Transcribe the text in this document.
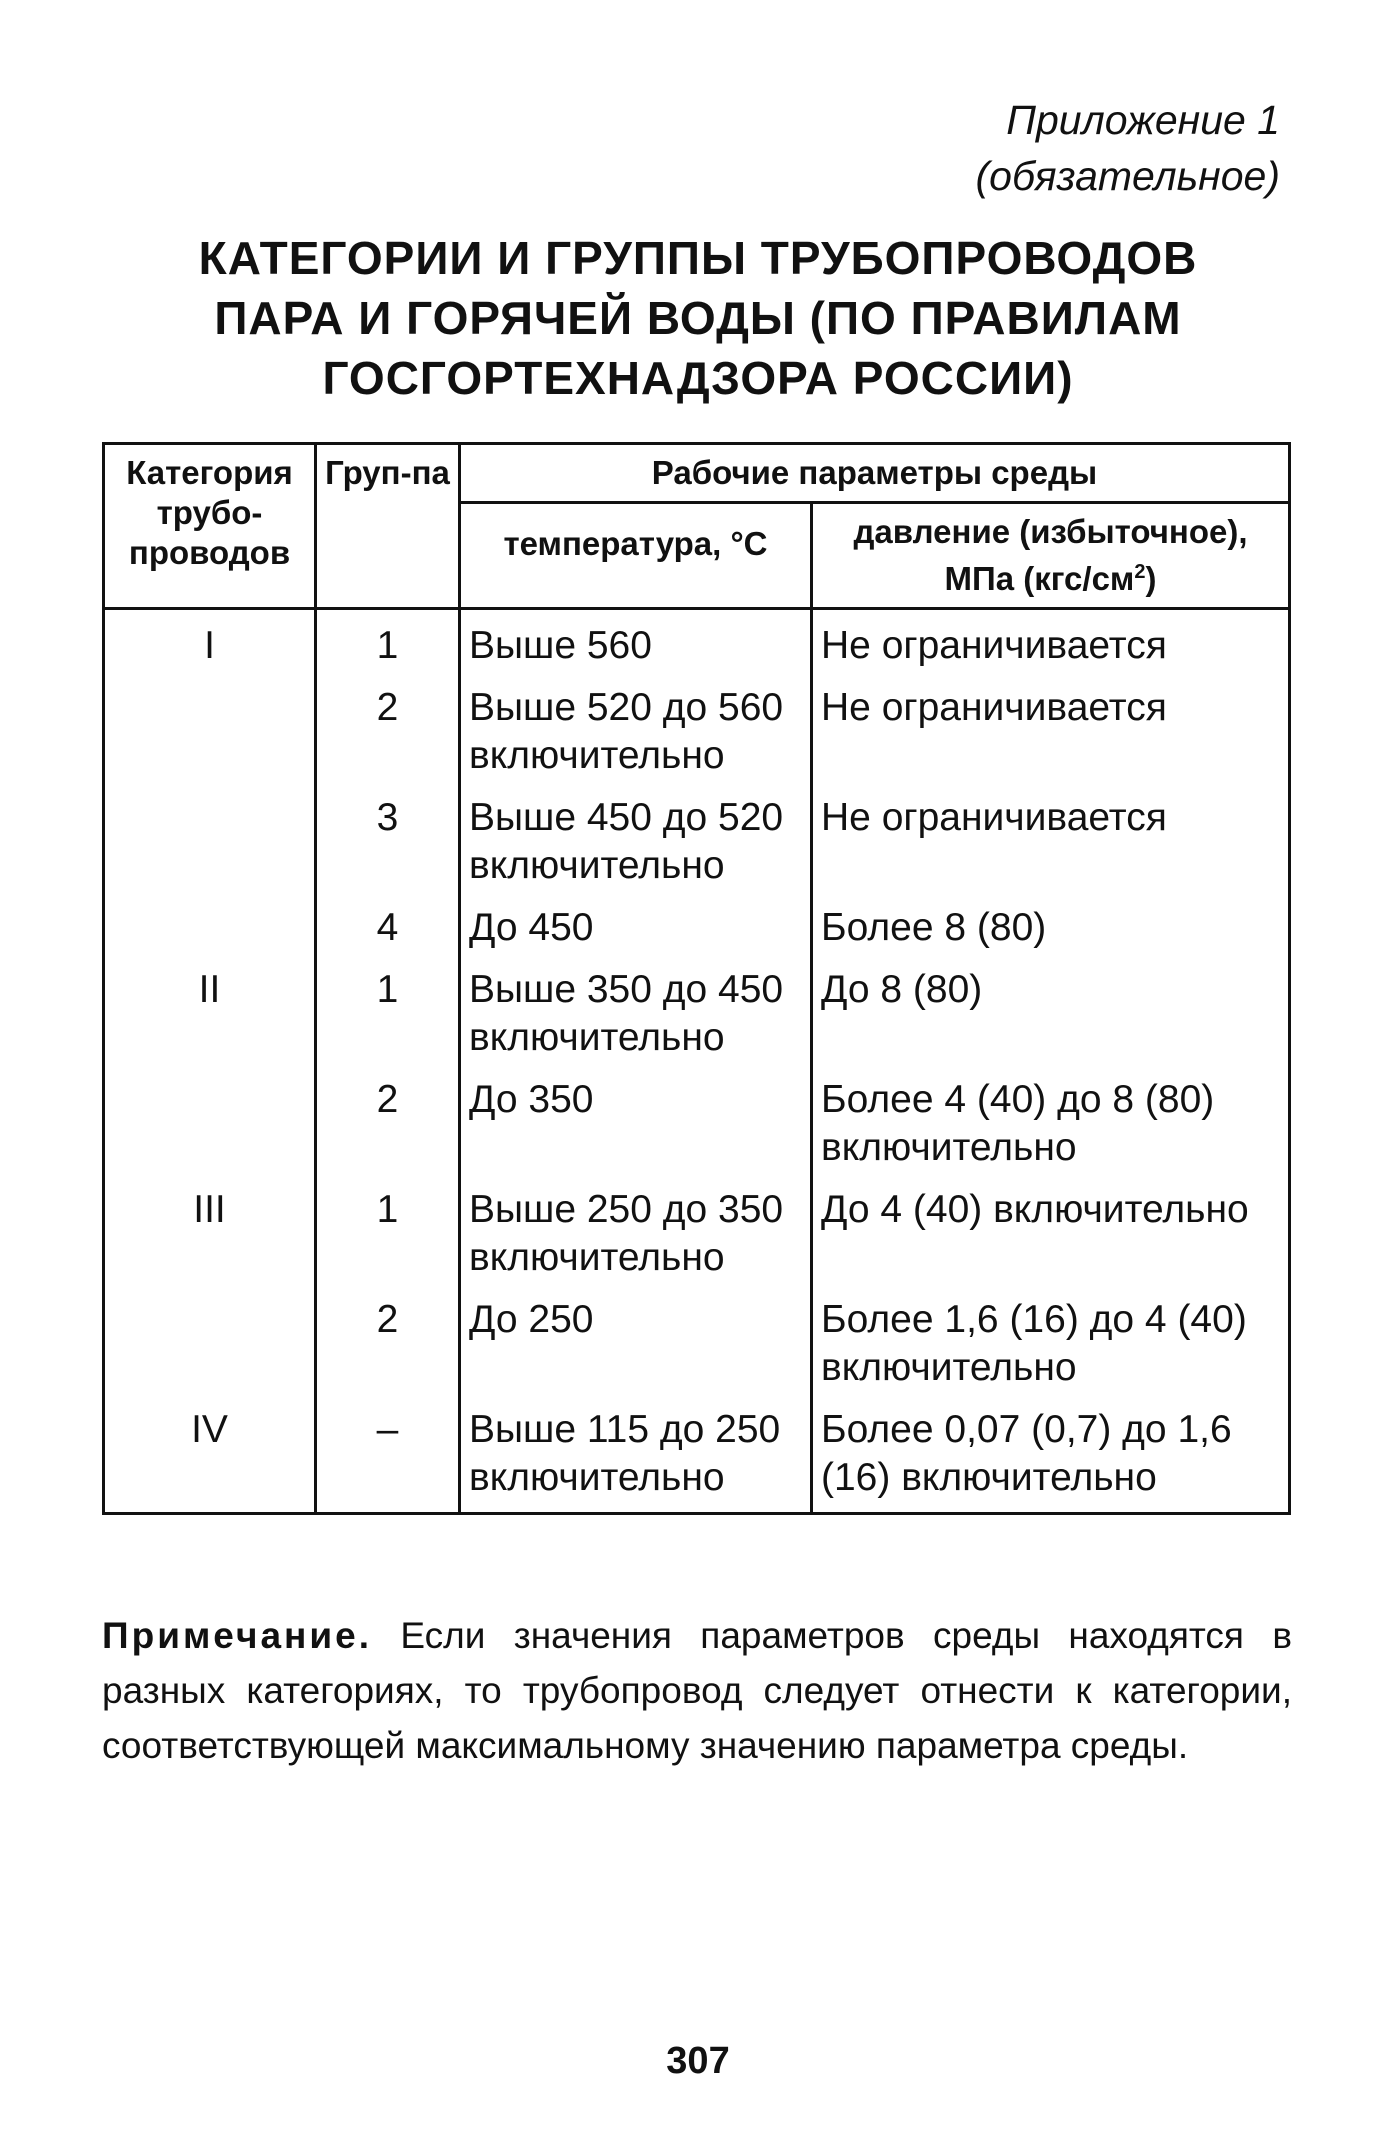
Приложение 1
(обязательное)
КАТЕГОРИИ И ГРУППЫ ТРУБОПРОВОДОВ
ПАРА И ГОРЯЧЕЙ ВОДЫ (ПО ПРАВИЛАМ
ГОСГОРТЕХНАДЗОРА РОССИИ)
Категория трубо-проводов	Груп-па	Рабочие параметры среды	
		температура, °С	давление (избыточное), МПа $(кгс/см^2)$
I	1	Выше 560	Не ограничивается
	2	Выше 520 до 560 включительно	Не ограничивается
	3	Выше 450 до 520 включительно	Не ограничивается
	4	До 450	Более 8 (80)
II	1	Выше 350 до 450 включительно	До 8 (80)
	2	До 350	Более 4 (40) до 8 (80) включительно
III	1	Выше 250 до 350 включительно	До 4 (40) включительно
	2	До 250	Более 1,6 (16) до 4 (40) включительно
IV	–	Выше 115 до 250 включительно	Более 0,07 (0,7) до 1,6 (16) включительно
Примечание. Если значения параметров среды находятся в разных категориях, то трубопровод следует отнести к категории, соответствующей максимальному значению параметра среды.
307
